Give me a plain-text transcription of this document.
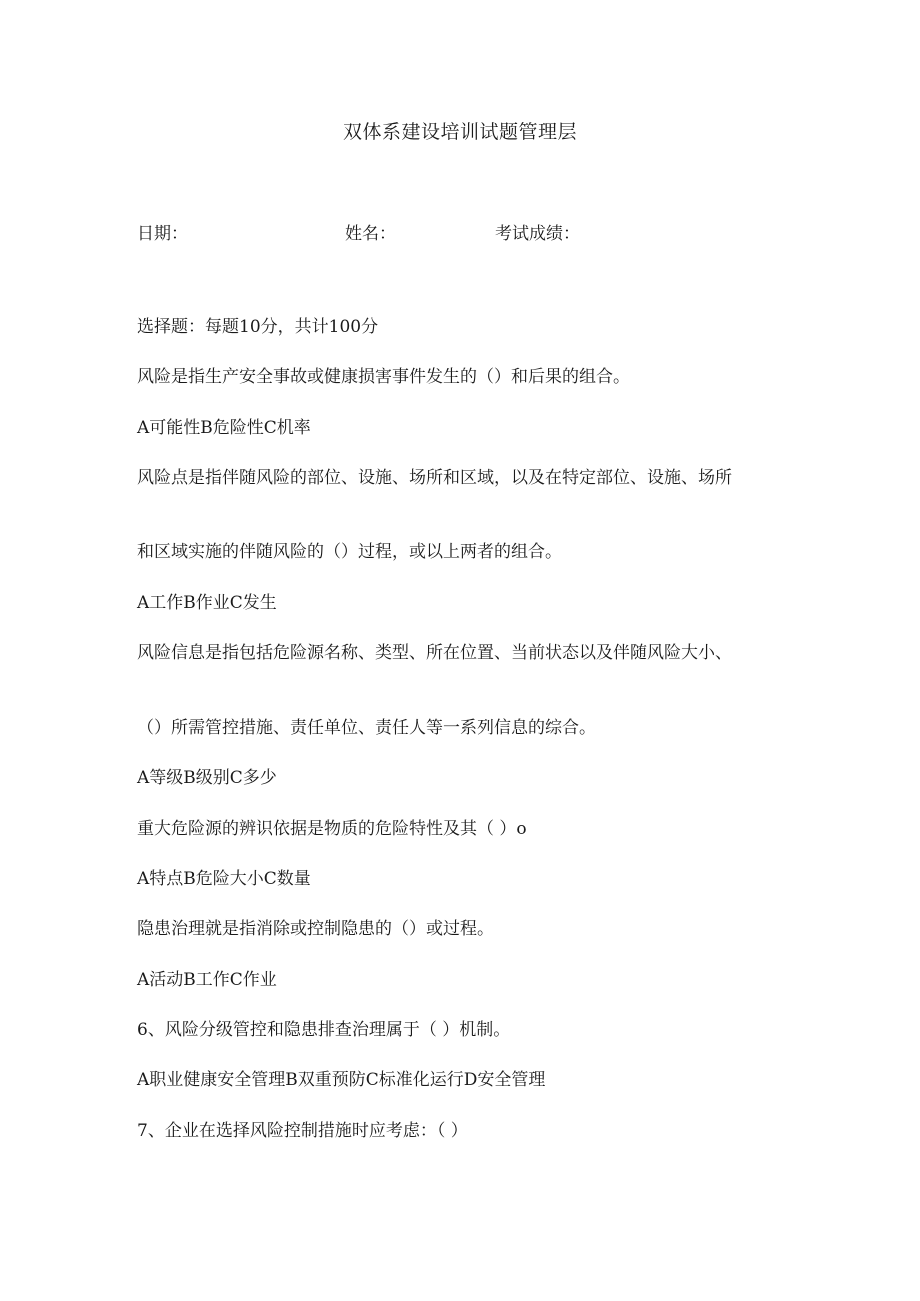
双体系建设培训试题管理层
日期：	姓名：	考试成绩：
选择题：每题10分，共计100分
风险是指生产安全事故或健康损害事件发生的（）和后果的组合。
A可能性B危险性C机率
风险点是指伴随风险的部位、设施、场所和区域，以及在特定部位、设施、场所
和区域实施的伴随风险的（）过程，或以上两者的组合。
A工作B作业C发生
风险信息是指包括危险源名称、类型、所在位置、当前状态以及伴随风险大小、
（）所需管控措施、责任单位、责任人等一系列信息的综合。
A等级B级别C多少
重大危险源的辨识依据是物质的危险特性及其（ ）o
A特点B危险大小C数量
隐患治理就是指消除或控制隐患的（）或过程。
A活动B工作C作业
6、风险分级管控和隐患排查治理属于（ ）机制。
A职业健康安全管理B双重预防C标准化运行D安全管理
7、企业在选择风险控制措施时应考虑：（ ）
